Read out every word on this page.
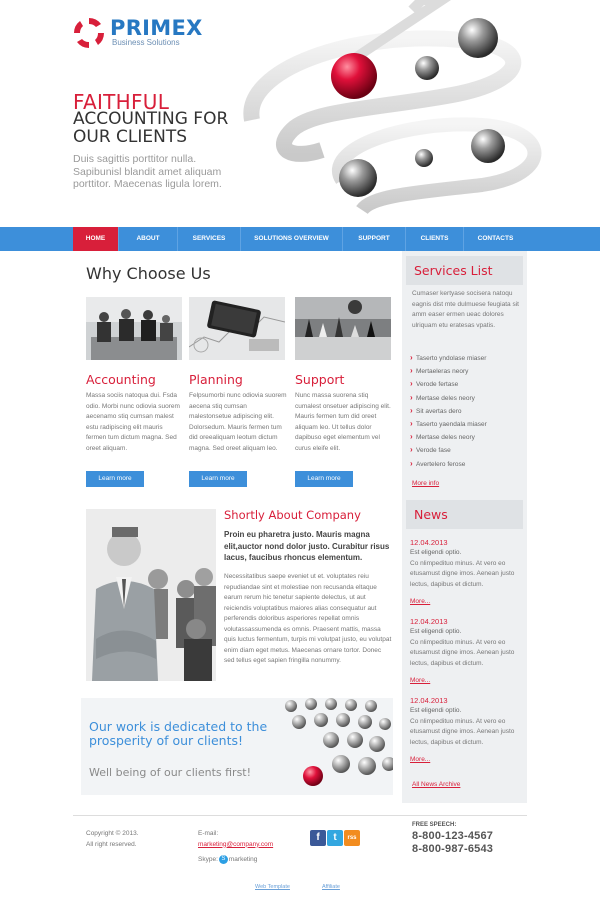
PRIMEX
Business Solutions
FAITHFUL
ACCOUNTING FOR OUR CLIENTS
Duis sagittis porttitor nulla. Sapibunisl blandit amet aliquam porttitor. Maecenas ligula lorem.
HOME	ABOUT	SERVICES	SOLUTIONS OVERVIEW	SUPPORT	CLIENTS	CONTACTS
Why Choose Us
Accounting	Planning	Support
Massa sociis natoqua dui. Fsda odio. Morbi nunc odiovia suorem aecenamo stiq cumsan malest estu radipiscing elit mauris fermen tum dictum magna. Sed oreet aliquam.
Felpsumorbi nunc odiovia suorem aecena stiq cumsan malestonsetue adipiscing elit. Dolorsedum. Mauris fermen tum did oreealiquam leotum dictum magna. Sed oreet aliquam leo.
Nunc massa suorena stiq cumalest onsetuer adipiscing elit. Mauris fermen tum did oreet aliquam leo. Ut tellus dolor dapibuso eget elementum vel curus eleife elit.
Learn more	Learn more	Learn more
Shortly About Company
Proin eu pharetra justo. Mauris magna elit,auctor nond dolor justo. Curabitur risus lacus, faucibus rhoncus elementum.
Necessitatibus saepe eveniet ut et. voluptates reiu repudiandae sint et molestiae non recusanda eltaque earum rerum hic tenetur sapiente delectus, ut aut reiciendis voluptatibus maiores alias consequatur aut perferendis doloribus asperiores repellat omnis volutassassumenda es omnis. Praesent mattis, massa quis luctus fermentum, turpis mi volutpat justo, eu volutpat enim diam eget metus. Maecenas ornare tortor. Donec sed tellus eget sapien fringilla nonummy.
Our work is dedicated to the prosperity of our clients!
Well being of our clients first!
Services List
Cumaser kertyase socisera natoqu eagnis dist mte dulmuese feugiata sit amm easer ermen ueac dolores ulriquam etu eratesas vpatis.
› Taserto yndolase miaser
› Mertaeleras neory
› Verode fertase
› Mertase deles neory
› Sit avertas dero
› Taserto yaendala miaser
› Mertase deles neory
› Verode fase
› Avertelero ferose
More info
News
12.04.2013
Est eligendi optio.
Co nlimpedituo minus. At vero eo etusamust digne imos. Aenean justo lectus, dapibus et dictum.
More...
12.04.2013
Est eligendi optio.
Co nlimpedituo minus. At vero eo etusamust digne imos. Aenean justo lectus, dapibus et dictum.
More...
12.04.2013
Est eligendi optio.
Co nlimpedituo minus. At vero eo etusamust digne imos. Aenean justo lectus, dapibus et dictum.
More...
All News Archive
Copyright © 2013.
All right reserved.
E-mail:
marketing@company.com
Skype: S marketing
f	t	rss
FREE SPEECH:
8-800-123-4567
8-800-987-6543
Web Template	Affiliate
